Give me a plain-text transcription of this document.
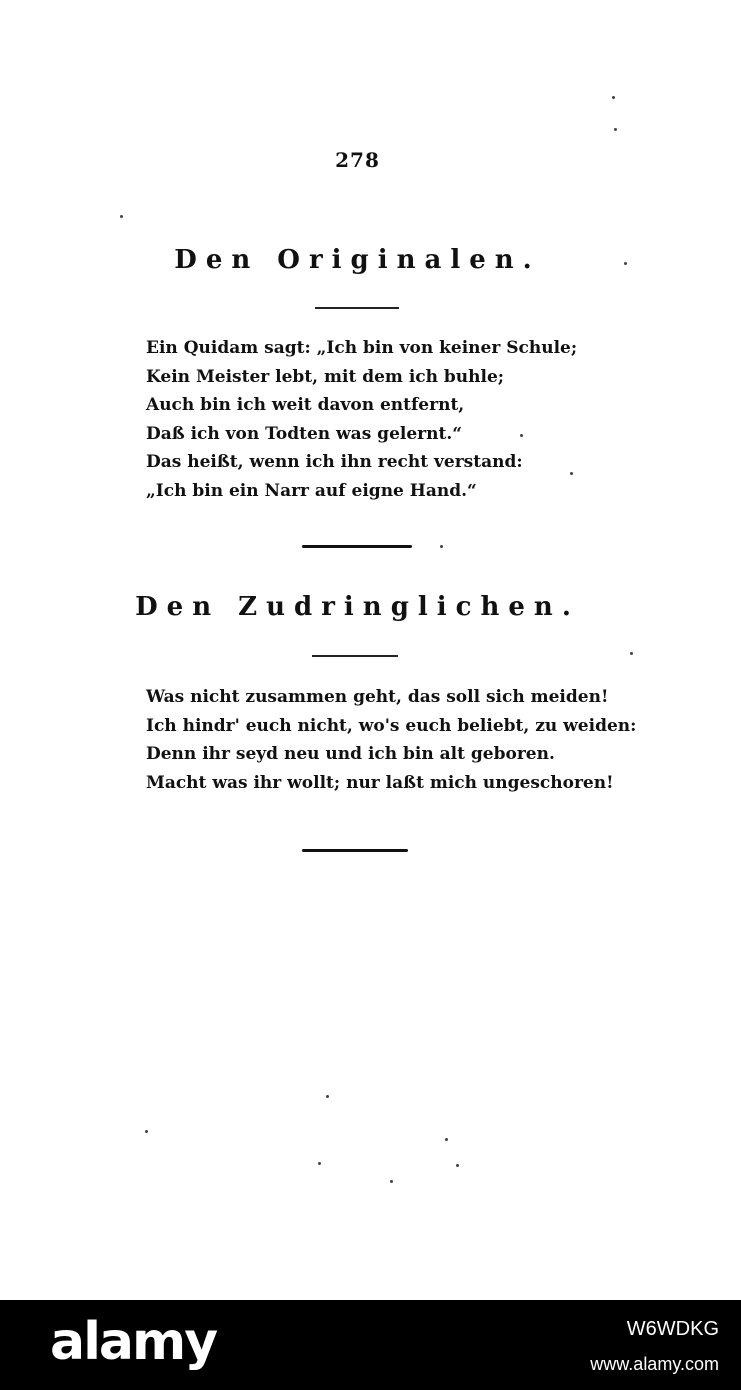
278
Den Originalen.
Ein Quidam sagt: „Ich bin von keiner Schule;
Kein Meister lebt, mit dem ich buhle;
Auch bin ich weit davon entfernt,
Daß ich von Todten was gelernt.“
Das heißt, wenn ich ihn recht verstand:
„Ich bin ein Narr auf eigne Hand.“
Den Zudringlichen.
Was nicht zusammen geht, das soll sich meiden!
Ich hindr' euch nicht, wo's euch beliebt, zu weiden:
Denn ihr seyd neu und ich bin alt geboren.
Macht was ihr wollt; nur laßt mich ungeschoren!
alamy	W6WDKG
www.alamy.com
